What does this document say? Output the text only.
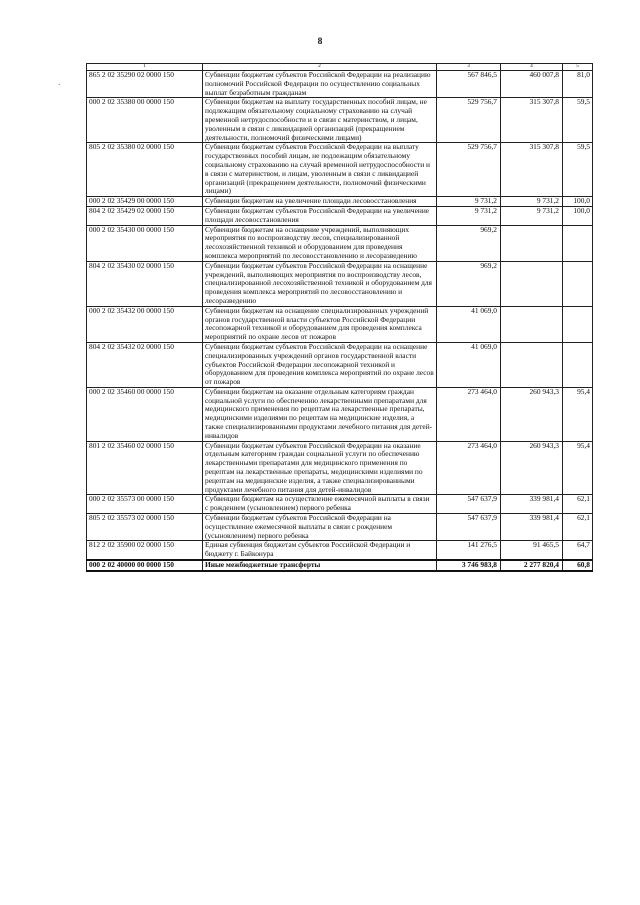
8
·
1	2	3	4	5
865 2 02 35290 02 0000 150	Субвенции бюджетам субъектов Российской Федерации на реализацию полномочий Российской Федерации по осуществлению социальных выплат безработным гражданам	567 846,5	460 007,8	81,0
000 2 02 35380 00 0000 150	Субвенции бюджетам на выплату государственных пособий лицам, не подлежащим обязательному социальному страхованию на случай временной нетрудоспособности и в связи с материнством, и лицам, уволенным в связи с ликвидацией организаций (прекращением деятельности, полномочий физическими лицами)	529 756,7	315 307,8	59,5
805 2 02 35380 02 0000 150	Субвенции бюджетам субъектов Российской Федерации на выплату государственных пособий лицам, не подлежащим обязательному социальному страхованию на случай временной нетрудоспособности и в связи с материнством, и лицам, уволенным в связи с ликвидацией организаций (прекращением деятельности, полномочий физическими лицами)	529 756,7	315 307,8	59,5
000 2 02 35429 00 0000 150	Субвенции бюджетам на увеличение площади лесовосстановления	9 731,2	9 731,2	100,0
804 2 02 35429 02 0000 150	Субвенции бюджетам субъектов Российской Федерации на увеличение площади лесовосстановления	9 731,2	9 731,2	100,0
000 2 02 35430 00 0000 150	Субвенции бюджетам на оснащение учреждений, выполняющих мероприятия по воспроизводству лесов, специализированной лесохозяйственной техникой и оборудованием для проведения комплекса мероприятий по лесовосстановлению и лесоразведению	969,2		
804 2 02 35430 02 0000 150	Субвенции бюджетам субъектов Российской Федерации на оснащение учреждений, выполняющих мероприятия по воспроизводству лесов, специализированной лесохозяйственной техникой и оборудованием для проведения комплекса мероприятий по лесовосстановлению и лесоразведению	969,2		
000 2 02 35432 00 0000 150	Субвенции бюджетам на оснащение специализированных учреждений органов государственной власти субъектов Российской Федерации лесопожарной техникой и оборудованием для проведения комплекса мероприятий по охране лесов от пожаров	41 069,0		
804 2 02 35432 02 0000 150	Субвенции бюджетам субъектов Российской Федерации на оснащение специализированных учреждений органов государственной власти субъектов Российской Федерации лесопожарной техникой и оборудованием для проведения комплекса мероприятий по охране лесов от пожаров	41 069,0		
000 2 02 35460 00 0000 150	Субвенции бюджетам на оказание отдельным категориям граждан социальной услуги по обеспечению лекарственными препаратами для медицинского применения по рецептам на лекарственные препараты, медицинскими изделиями по рецептам на медицинские изделия, а также специализированными продуктами лечебного питания для детей-инвалидов	273 464,0	260 943,3	95,4
801 2 02 35460 02 0000 150	Субвенции бюджетам субъектов Российской Федерации на оказание отдельным категориям граждан социальной услуги по обеспечению лекарственными препаратами для медицинского применения по рецептам на лекарственные препараты, медицинскими изделиями по рецептам на медицинские изделия, а также специализированными продуктами лечебного питания для детей-инвалидов	273 464,0	260 943,3	95,4
000 2 02 35573 00 0000 150	Субвенции бюджетам на осуществление ежемесячной выплаты в связи с рождением (усыновлением) первого ребенка	547 637,9	339 981,4	62,1
805 2 02 35573 02 0000 150	Субвенции бюджетам субъектов Российской Федерации на осуществление ежемесячной выплаты в связи с рождением (усыновлением) первого ребенка	547 637,9	339 981,4	62,1
812 2 02 35900 02 0000 150	Единая субвенция бюджетам субъектов Российской Федерации и бюджету г. Байконура	141 276,5	91 465,5	64,7
000 2 02 40000 00 0000 150	Иные межбюджетные трансферты	3 746 983,8	2 277 820,4	60,8
